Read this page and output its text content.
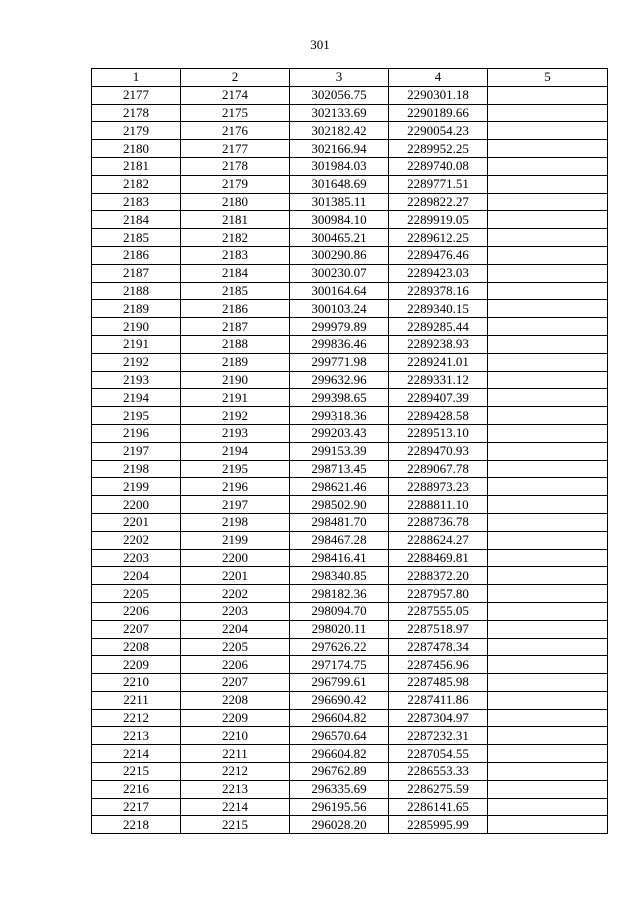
301
1	2	3	4	5
2177	2174	302056.75	2290301.18	
2178	2175	302133.69	2290189.66	
2179	2176	302182.42	2290054.23	
2180	2177	302166.94	2289952.25	
2181	2178	301984.03	2289740.08	
2182	2179	301648.69	2289771.51	
2183	2180	301385.11	2289822.27	
2184	2181	300984.10	2289919.05	
2185	2182	300465.21	2289612.25	
2186	2183	300290.86	2289476.46	
2187	2184	300230.07	2289423.03	
2188	2185	300164.64	2289378.16	
2189	2186	300103.24	2289340.15	
2190	2187	299979.89	2289285.44	
2191	2188	299836.46	2289238.93	
2192	2189	299771.98	2289241.01	
2193	2190	299632.96	2289331.12	
2194	2191	299398.65	2289407.39	
2195	2192	299318.36	2289428.58	
2196	2193	299203.43	2289513.10	
2197	2194	299153.39	2289470.93	
2198	2195	298713.45	2289067.78	
2199	2196	298621.46	2288973.23	
2200	2197	298502.90	2288811.10	
2201	2198	298481.70	2288736.78	
2202	2199	298467.28	2288624.27	
2203	2200	298416.41	2288469.81	
2204	2201	298340.85	2288372.20	
2205	2202	298182.36	2287957.80	
2206	2203	298094.70	2287555.05	
2207	2204	298020.11	2287518.97	
2208	2205	297626.22	2287478.34	
2209	2206	297174.75	2287456.96	
2210	2207	296799.61	2287485.98	
2211	2208	296690.42	2287411.86	
2212	2209	296604.82	2287304.97	
2213	2210	296570.64	2287232.31	
2214	2211	296604.82	2287054.55	
2215	2212	296762.89	2286553.33	
2216	2213	296335.69	2286275.59	
2217	2214	296195.56	2286141.65	
2218	2215	296028.20	2285995.99	
